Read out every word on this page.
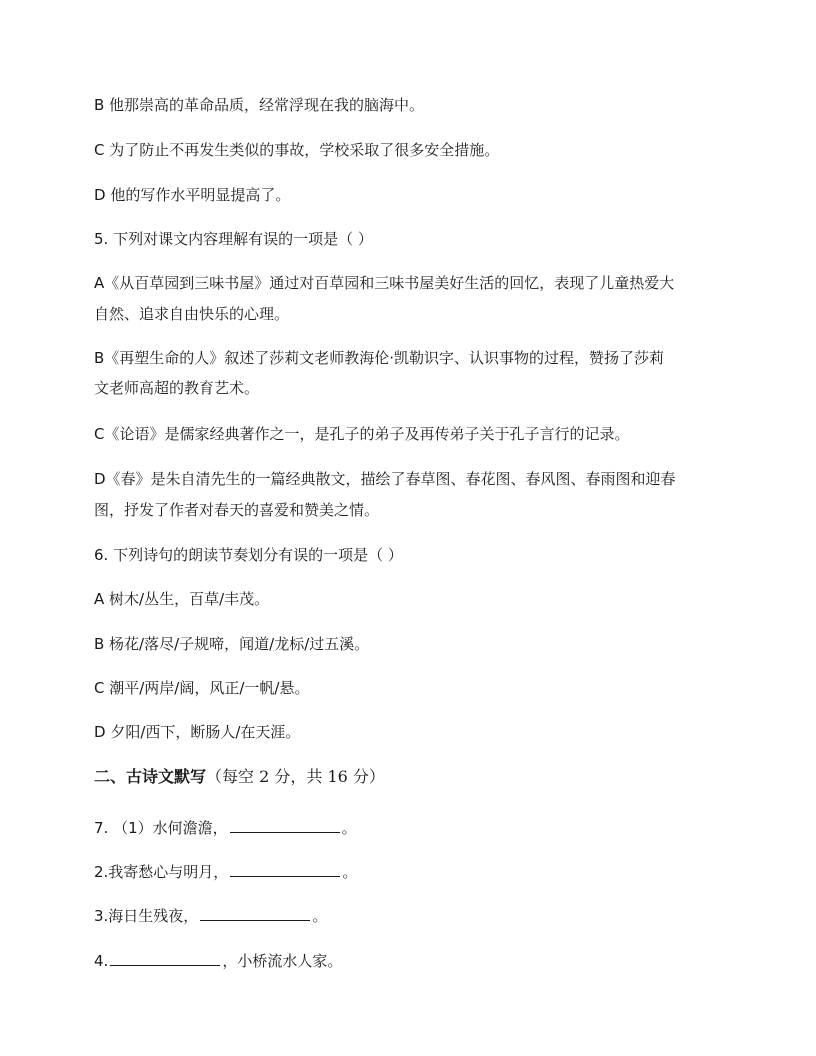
B 他那崇高的革命品质，经常浮现在我的脑海中。
C 为了防止不再发生类似的事故，学校采取了很多安全措施。
D 他的写作水平明显提高了。
5. 下列对课文内容理解有误的一项是（ ）
A《从百草园到三味书屋》通过对百草园和三味书屋美好生活的回忆，表现了儿童热爱大
自然、追求自由快乐的心理。
B《再塑生命的人》叙述了莎莉文老师教海伦·凯勒识字、认识事物的过程，赞扬了莎莉
文老师高超的教育艺术。
C《论语》是儒家经典著作之一，是孔子的弟子及再传弟子关于孔子言行的记录。
D《春》是朱自清先生的一篇经典散文，描绘了春草图、春花图、春风图、春雨图和迎春
图，抒发了作者对春天的喜爱和赞美之情。
6. 下列诗句的朗读节奏划分有误的一项是（ ）
A 树木/丛生，百草/丰茂。
B 杨花/落尽/子规啼，闻道/龙标/过五溪。
C 潮平/两岸/阔，风正/一帆/悬。
D 夕阳/西下，断肠人/在天涯。
二、古诗文默写（每空 2 分，共 16 分）
7. （1）水何澹澹，	。
2.我寄愁心与明月，	。
3.海日生残夜，	。
4.	，小桥流水人家。
